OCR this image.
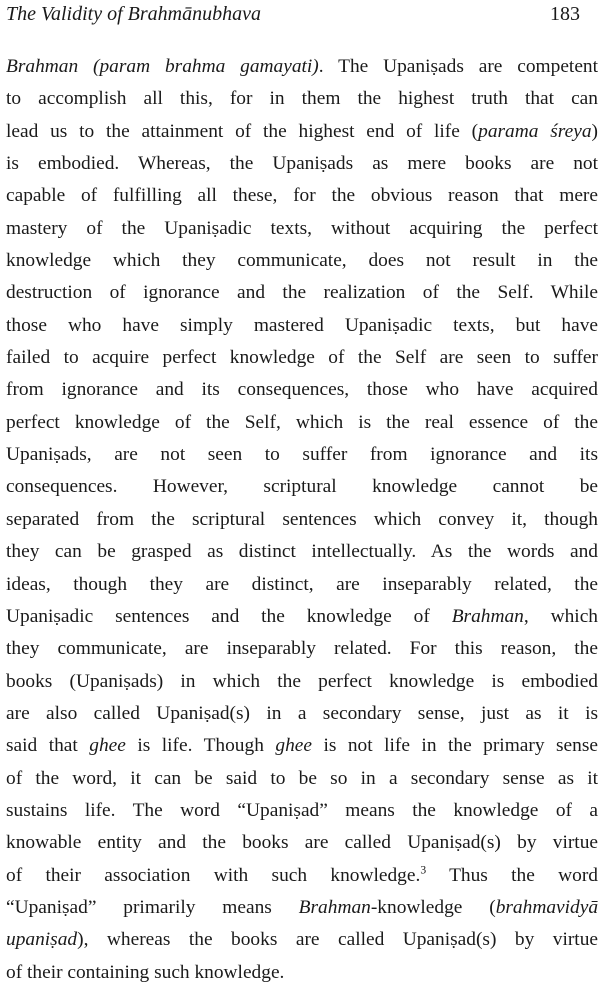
The Validity of Brahmānubhava	183

Brahman (param brahma gamayati). The Upaniṣads are competent
to accomplish all this, for in them the highest truth that can
lead us to the attainment of the highest end of life (parama śreya)
is embodied. Whereas, the Upaniṣads as mere books are not
capable of fulfilling all these, for the obvious reason that mere
mastery of the Upaniṣadic texts, without acquiring the perfect
knowledge which they communicate, does not result in the
destruction of ignorance and the realization of the Self. While
those who have simply mastered Upaniṣadic texts, but have
failed to acquire perfect knowledge of the Self are seen to suffer
from ignorance and its consequences, those who have acquired
perfect knowledge of the Self, which is the real essence of the
Upaniṣads, are not seen to suffer from ignorance and its
consequences. However, scriptural knowledge cannot be
separated from the scriptural sentences which convey it, though
they can be grasped as distinct intellectually. As the words and
ideas, though they are distinct, are inseparably related, the
Upaniṣadic sentences and the knowledge of Brahman, which
they communicate, are inseparably related. For this reason, the
books (Upaniṣads) in which the perfect knowledge is embodied
are also called Upaniṣad(s) in a secondary sense, just as it is
said that ghee is life. Though ghee is not life in the primary sense
of the word, it can be said to be so in a secondary sense as it
sustains life. The word “Upaniṣad” means the knowledge of a
knowable entity and the books are called Upaniṣad(s) by virtue
of their association with such knowledge.$^3$ Thus the word
“Upaniṣad” primarily means Brahman-knowledge (brahmavidyā
upaniṣad), whereas the books are called Upaniṣad(s) by virtue
of their containing such knowledge.
